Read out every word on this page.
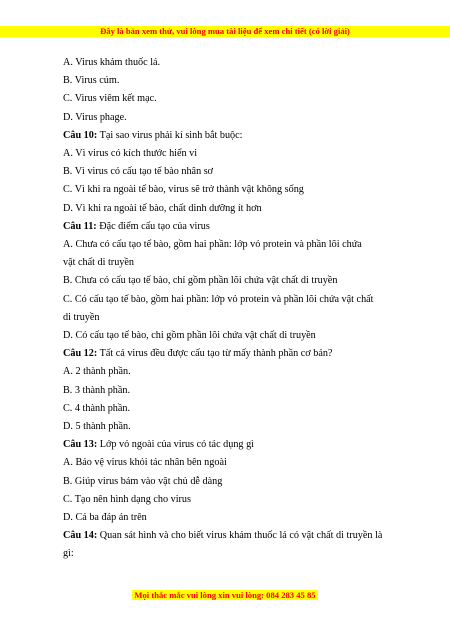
Đây là bản xem thử, vui lòng mua tài liệu để xem chi tiết (có lời giải)
A. Virus khảm thuốc lá.
B. Virus cúm.
C. Virus viêm kết mạc.
D. Virus phage.
Câu 10: Tại sao virus phải kí sinh bắt buộc:
A. Vì virus có kích thước hiển vi
B. Vì virus có cấu tạo tế bào nhân sơ
C. Vì khi ra ngoài tế bào, virus sẽ trở thành vật không sống
D. Vì khi ra ngoài tế bào, chất dinh dưỡng ít hơn
Câu 11: Đặc điểm cấu tạo của virus
A. Chưa có cấu tạo tế bào, gồm hai phần: lớp vỏ protein và phần lõi chứa
vật chất di truyền
B. Chưa có cấu tạo tế bào, chỉ gồm phần lõi chứa vật chất di truyền
C. Có cấu tạo tế bào, gồm hai phần: lớp vỏ protein và phần lõi chứa vật chất
di truyền
D. Có cấu tạo tế bào, chỉ gồm phần lõi chứa vật chất di truyền
Câu 12: Tất cả virus đều được cấu tạo từ mấy thành phần cơ bản?
A. 2 thành phần.
B. 3 thành phần.
C. 4 thành phần.
D. 5 thành phần.
Câu 13: Lớp vỏ ngoài của virus có tác dụng gì
A. Bảo vệ virus khỏi tác nhân bên ngoài
B. Giúp virus bám vào vật chủ dễ dàng
C. Tạo nên hình dạng cho virus
D. Cả ba đáp án trên
Câu 14: Quan sát hình và cho biết virus khảm thuốc lá có vật chất di truyền là
gì:
Mọi thắc mắc vui lòng xin vui lòng: 084 283 45 85
